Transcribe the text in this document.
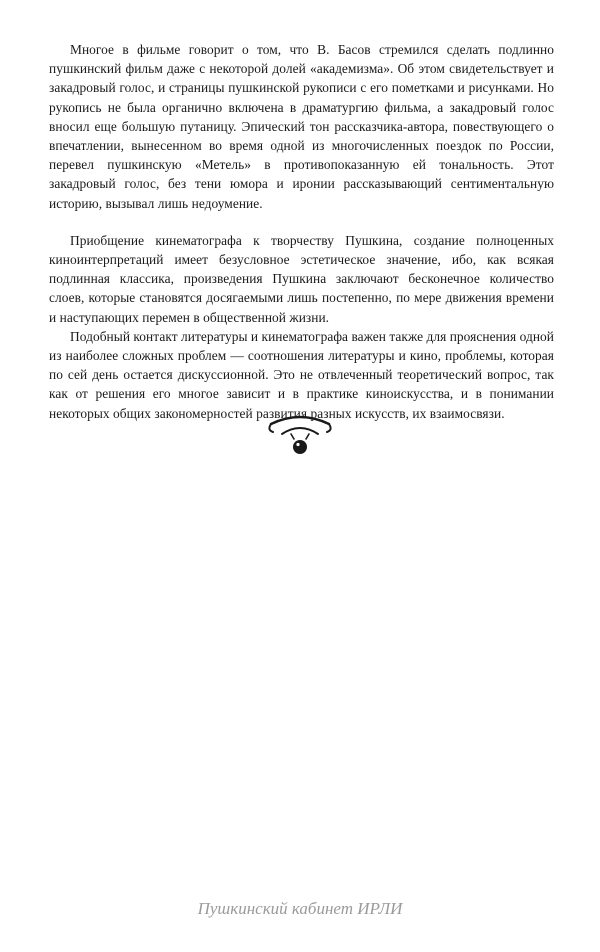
Многое в фильме говорит о том, что В. Басов стремился сделать подлинно пушкинский фильм даже с некоторой долей «академизма». Об этом свидетельствует и закадровый голос, и страницы пушкинской рукописи с его пометками и рисунками. Но рукопись не была органично включена в драматургию фильма, а закадровый голос вносил еще большую путаницу. Эпический тон рассказчика-автора, повествующего о впечатлении, вынесенном во время одной из многочисленных поездок по России, перевел пушкинскую «Метель» в противопоказанную ей тональность. Этот закадровый голос, без тени юмора и иронии рассказывающий сентиментальную историю, вызывал лишь недоумение.

Приобщение кинематографа к творчеству Пушкина, создание полноценных киноинтерпретаций имеет безусловное эстетическое значение, ибо, как всякая подлинная классика, произведения Пушкина заключают бесконечное количество слоев, которые становятся досягаемыми лишь постепенно, по мере движения времени и наступающих перемен в общественной жизни.

Подобный контакт литературы и кинематографа важен также для прояснения одной из наиболее сложных проблем — соотношения литературы и кино, проблемы, которая по сей день остается дискуссионной. Это не отвлеченный теоретический вопрос, так как от решения его многое зависит и в практике киноискусства, и в понимании некоторых общих закономерностей развития разных искусств, их взаимосвязи.

Пушкинский кабинет ИРЛИ
